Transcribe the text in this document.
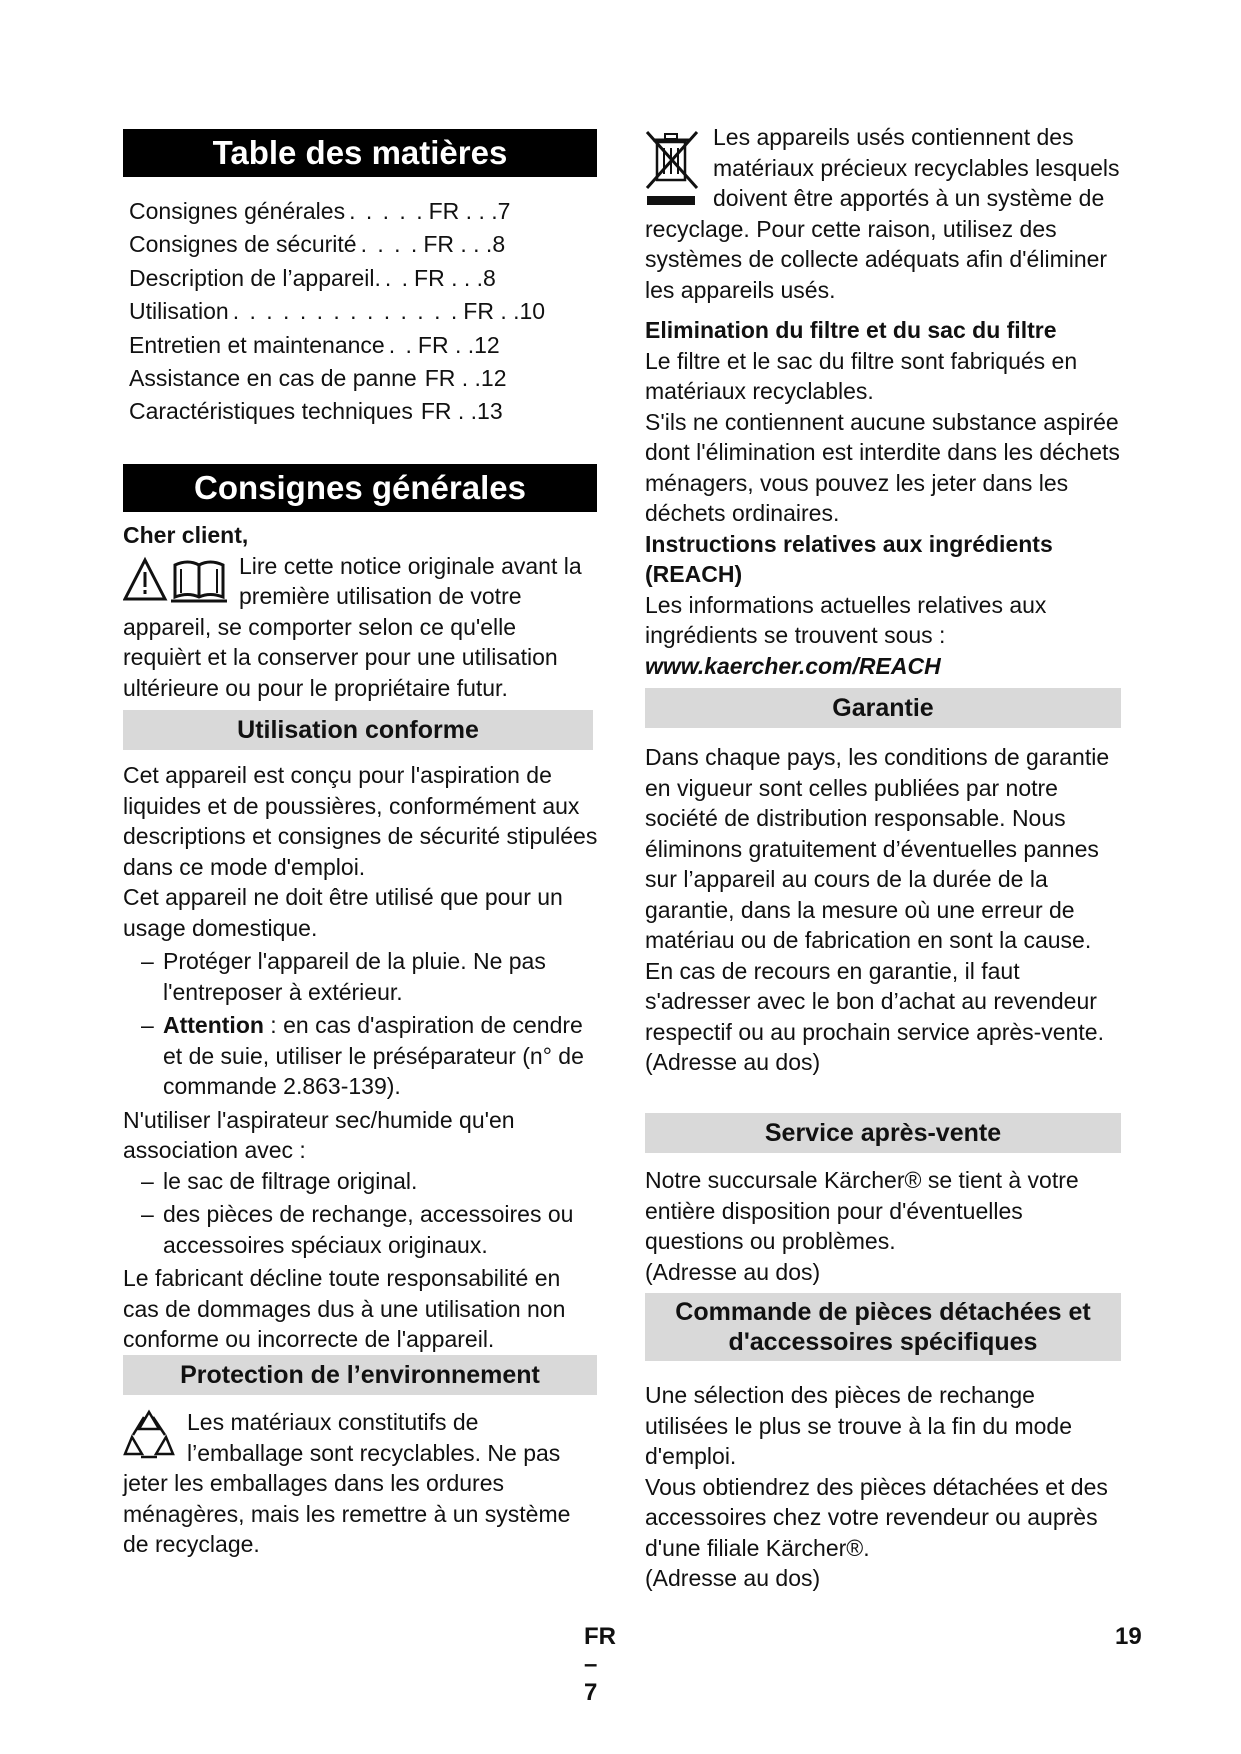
Table des matières
Consignes générales . . . . . FR . . .7
Consignes de sécurité . . . . FR . . .8
Description de l’appareil. . . FR . . .8
Utilisation . . . . . . . . . . . . . . FR . .10
Entretien et maintenance . . FR . .12
Assistance en cas de panne FR . .12
Caractéristiques techniques FR . .13
Consignes générales

Cher client,

Lire cette notice originale avant la première utilisation de votre appareil, se comporter selon ce qu'elle requièrt et la conserver pour une utilisation ultérieure ou pour le propriétaire futur.

Utilisation conforme

Cet appareil est conçu pour l'aspiration de liquides et de poussières, conformément aux descriptions et consignes de sécurité stipulées dans ce mode d'emploi.

Cet appareil ne doit être utilisé que pour un usage domestique.

– Protéger l'appareil de la pluie. Ne pas l'entreposer à extérieur.

– Attention : en cas d'aspiration de cendre et de suie, utiliser le préséparateur (n° de commande 2.863-139).

N'utiliser l'aspirateur sec/humide qu'en association avec :

– le sac de filtrage original.

– des pièces de rechange, accessoires ou accessoires spéciaux originaux.

Le fabricant décline toute responsabilité en cas de dommages dus à une utilisation non conforme ou incorrecte de l'appareil.

Protection de l’environnement

Les matériaux constitutifs de l’emballage sont recyclables. Ne pas jeter les emballages dans les ordures ménagères, mais les remettre à un système de recyclage.

FR – 7

Les appareils usés contiennent des matériaux précieux recyclables lesquels doivent être apportés à un système de recyclage. Pour cette raison, utilisez des systèmes de collecte adéquats afin d'éliminer les appareils usés.

Elimination du filtre et du sac du filtre

Le filtre et le sac du filtre sont fabriqués en matériaux recyclables.

S'ils ne contiennent aucune substance aspirée dont l'élimination est interdite dans les déchets ménagers, vous pouvez les jeter dans les déchets ordinaires.

Instructions relatives aux ingrédients (REACH)

Les informations actuelles relatives aux ingrédients se trouvent sous :

www.kaercher.com/REACH

Garantie

Dans chaque pays, les conditions de garantie en vigueur sont celles publiées par notre société de distribution responsable. Nous éliminons gratuitement d’éventuelles pannes sur l’appareil au cours de la durée de la garantie, dans la mesure où une erreur de matériau ou de fabrication en sont la cause. En cas de recours en garantie, il faut s'adresser avec le bon d’achat au revendeur respectif ou au prochain service après-vente.

(Adresse au dos)

Service après-vente

Notre succursale Kärcher® se tient à votre entière disposition pour d'éventuelles questions ou problèmes.

(Adresse au dos)

Commande de pièces détachées et
d'accessoires spécifiques

Une sélection des pièces de rechange utilisées le plus se trouve à la fin du mode d'emploi.

Vous obtiendrez des pièces détachées et des accessoires chez votre revendeur ou auprès d'une filiale Kärcher®.

(Adresse au dos)

19
